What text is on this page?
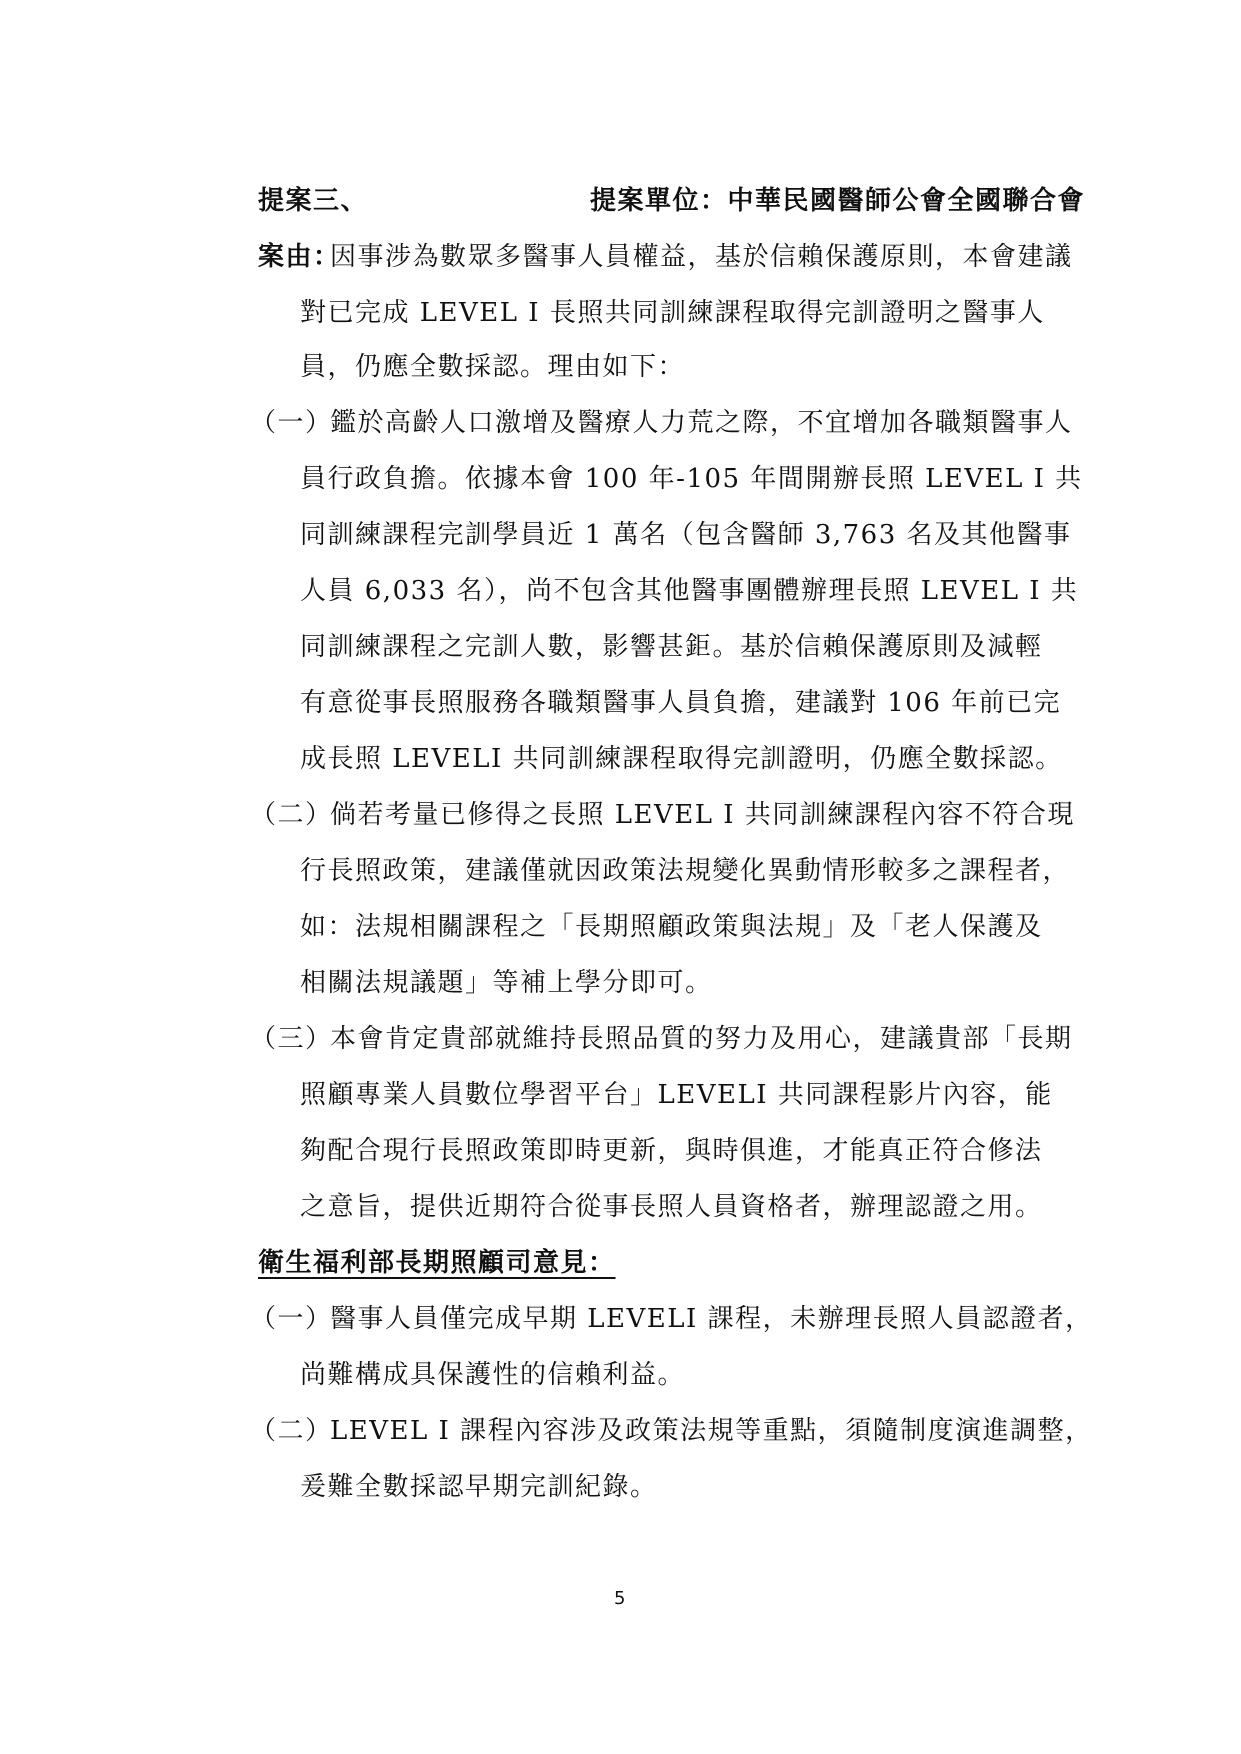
提案三、	提案單位：中華民國醫師公會全國聯合會
案由：
因事涉為數眾多醫事人員權益，基於信賴保護原則，本會建議
對已完成 LEVEL I 長照共同訓練課程取得完訓證明之醫事人
員，仍應全數採認。理由如下：
（一）
鑑於高齡人口激增及醫療人力荒之際，不宜增加各職類醫事人
員行政負擔。依據本會 100 年-105 年間開辦長照 LEVEL I 共
同訓練課程完訓學員近 1 萬名（包含醫師 3,763 名及其他醫事
人員 6,033 名），尚不包含其他醫事團體辦理長照 LEVEL I 共
同訓練課程之完訓人數，影響甚鉅。基於信賴保護原則及減輕
有意從事長照服務各職類醫事人員負擔，建議對 106 年前已完
成長照 LEVELI 共同訓練課程取得完訓證明，仍應全數採認。
（二）
倘若考量已修得之長照 LEVEL I 共同訓練課程內容不符合現
行長照政策，建議僅就因政策法規變化異動情形較多之課程者，
如：法規相關課程之「長期照顧政策與法規」及「老人保護及
相關法規議題」等補上學分即可。
（三）
本會肯定貴部就維持長照品質的努力及用心，建議貴部「長期
照顧專業人員數位學習平台」LEVELI 共同課程影片內容，能
夠配合現行長照政策即時更新，與時俱進，才能真正符合修法
之意旨，提供近期符合從事長照人員資格者，辦理認證之用。
衛生福利部長期照顧司意見：
（一）
醫事人員僅完成早期 LEVELI 課程，未辦理長照人員認證者，
尚難構成具保護性的信賴利益。
（二）
LEVEL I 課程內容涉及政策法規等重點，須隨制度演進調整，
爰難全數採認早期完訓紀錄。
5
